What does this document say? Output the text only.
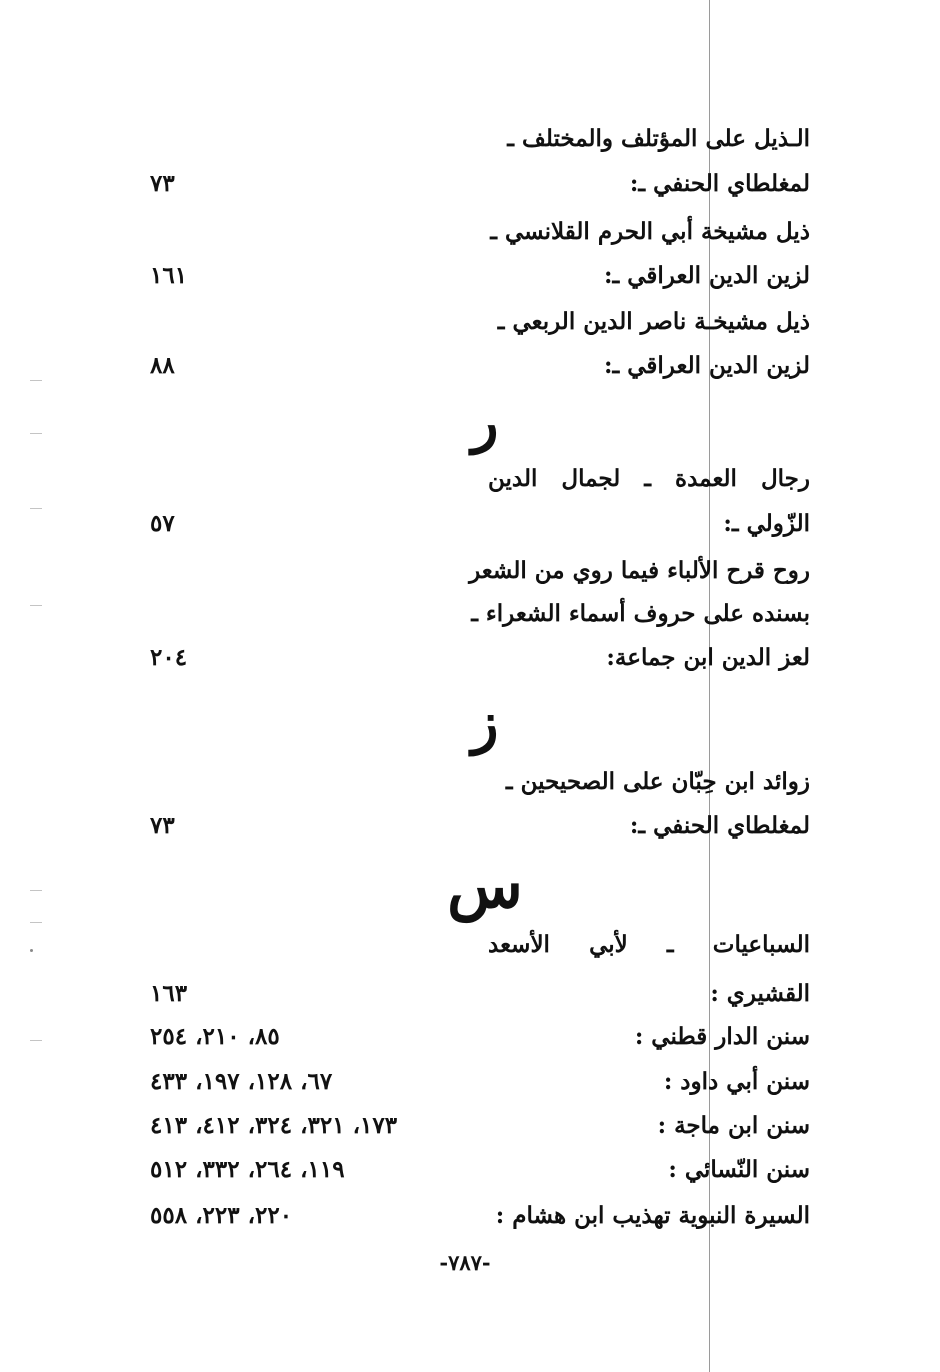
الـذيل على المؤتلف والمختلف ـ
لمغلطاي الحنفي ـ:
٧٣
ذيل مشيخة أبي الحرم القلانسي ـ
لزين الدين العراقي ـ:
١٦١
ذيل مشيخـة ناصر الدين الربعي ـ
لزين الدين العراقي ـ:
٨٨
ر
رجال العمدة ـ لجمال الدين
الزّولي ـ:
٥٧
روح قرح الألباء فيما روي من الشعر
بسنده على حروف أسماء الشعراء ـ
لعز الدين ابن جماعة:
٢٠٤
ز
زوائد ابن حِبّان على الصحيحين ـ
لمغلطاي الحنفي ـ:
٧٣
س
السباعيات ـ لأبي الأسعد
القشيري :
١٦٣
سنن الدار قطني :
٨٥، ٢١٠، ٢٥٤
سنن أبي داود :
٦٧، ١٢٨، ١٩٧، ٤٣٣
سنن ابن ماجة :
١٧٣، ٣٢١، ٣٢٤، ٤١٢، ٤١٣
سنن النّسائي :
١١٩، ٢٦٤، ٣٣٢، ٥١٢
السيرة النبوية تهذيب ابن هشام :
٢٢٠، ٢٢٣، ٥٥٨
-٧٨٧-
